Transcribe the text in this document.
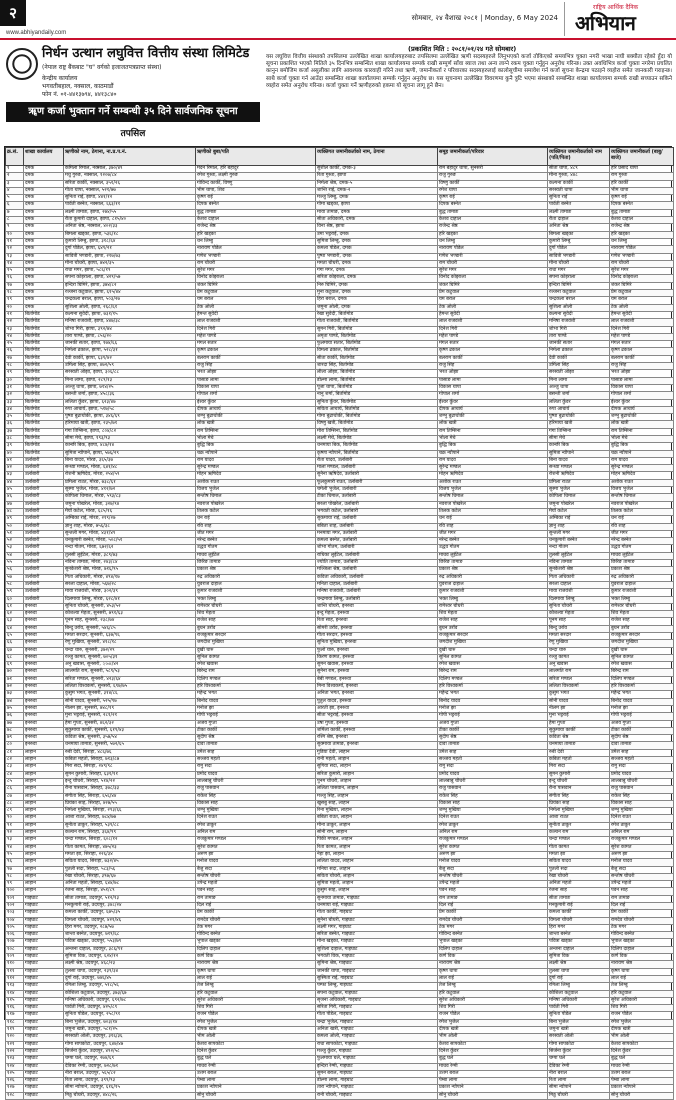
२
www.abhiyandaily.com
सोमबार, २४ वैशाख २०८१ | Monday, 6 May 2024
राष्ट्रिय आर्थिक दैनिक
अभियान
निर्धन उत्थान लघुवित्त वित्तीय संस्था लिमिटेड
(नेपाल राष्ट्र बैंकबाट "घ" वर्गको इजाजतपत्रप्राप्त संस्था)
केन्द्रीय कार्यालय
भगवतीबहाल, नक्साल, काठमाडौं
फोन नं. ०१-४४१३७९४, ४४१३८४०
ॠण कर्जा भुक्तान गर्ने सम्बन्धी ३५ दिने सार्वजनिक सूचना
तपसिल
(प्रकाशित मिति : २०८१/०१/२४ गते सोमबार)
यस लघुवित्त वित्तीय संस्थाको तपसिलमा उल्लेखित शाखा कार्यालयहरुबाट तपसिलमा उल्लेखित ऋणी सदस्यहरुले लिनुभएको कर्जा तोकिएको समयभित्र चुक्ता नगरी भाखा नाघी बक्यौता रहेको हुँदा यो सूचना प्रकाशित भएको मितिले ३५ दिनभित्र सम्बन्धित शाखा कार्यालयमा सम्पर्क राखी सम्पूर्ण साँवा ब्याज तथा अन्य लाग्ने रकम चुक्ता गर्नुहुन अनुरोध गरिन्छ। उक्त अवधिभित्र कर्जा चुक्ता नगरेमा प्रचलित कानुन बमोजिम कर्जा असुलीका लागि आवश्यक कारवाही गरिने तथा ऋणी, जमानीकर्ता र परिवारका सदस्यहरुलाई कालोसूचीमा समावेश गर्न कर्जा सूचना केन्द्रमा पठाइने व्यहोरा समेत जानकारी गराइन्छ। साथै कर्जा चुक्ता गर्न आउँदा सम्बन्धित शाखा कार्यालयमा सम्पर्क गर्नुहुन अनुरोध छ। यस सूचनामा उल्लेखित विवरणमा कुनै त्रुटि भएमा संस्थाको सम्बन्धित शाखा कार्यालयमा सम्पर्क राखी सच्याउन सकिने व्यहोरा समेत अनुरोध गरिन्छ। कर्जा चुक्ता गर्ने ऋणीहरुको हकमा यो सूचना लागू हुने छैन।
क्र.सं.	शाखा कार्यालय	ऋणीको नाम, ठेगाना, ना.प्र.प.नं.	ऋणीको बुबा/पति	व्यक्तिगत जमानीकर्ताको नाम, ठेगाना	समूह जमानीकर्ता/परिवार	व्यक्तिगत जमानीकर्ताको नाम (पति/पिता)	व्यक्तिगत जमानीकर्ता (बाबु/बाजे)
१	दमक	कमिला रिमाल, नक्साल, ३७०/४९	मदन रिमाल, हरि बहादुर	सुशील कार्की, दमक-३	राम बहादुर थापा, सुनसरी	सीता थापा, ४८९	हरि प्रसाद थापा
२	दमक	मधु गुरुङ, नक्साल, १२०७/८४	रमेश गुरुङ, लक्ष्मी गुरुङ	रिता गुरुङ, झापा	राजु गुरुङ	मीना गुरुङ, ४४८	राम गुरुङ
३	दमक	सरिता कार्की, नक्साल, ३५१/२६	गोविन्द कार्की, विष्णु	निर्मला श्रेष्ठ, दमक-५	विष्णु कार्की	कल्पना कार्की	हरि कार्की
४	दमक	गीता थापा, नक्साल, ५२१/७७	भीम थापा, शिव	शान्ति राई, दमक-२	रमेश थापा	सरस्वती थापा	भीम थापा
५	दमक	सुनिता राई, झापा, ४४१/१२	कृष्ण राई	मञ्जु लिम्बु, दमक	कृष्ण राई	सुनिता राई	कृष्ण राई
६	दमक	पार्वती बस्नेत, नक्साल, ६६३/११	दिपक बस्नेत	गोमा खड्का, झापा	दिपक बस्नेत	पार्वती बस्नेत	दिपक बस्नेत
७	दमक	लक्ष्मी तामाङ, झापा, २७४/५५	बुद्ध तामाङ	माया तामाङ, दमक	बुद्ध तामाङ	लक्ष्मी तामाङ	बुद्ध तामाङ
८	दमक	रीता कुमारी दाहाल, झापा, ८१५/४०	केशव दाहाल	सीता अधिकारी, दमक	केशव दाहाल	रीता दाहाल	केशव दाहाल
९	दमक	अनिता श्रेष्ठ, नक्साल, ४०२/३३	राजेन्द्र श्रेष्ठ	विना श्रेष्ठ, झापा	राजेन्द्र श्रेष्ठ	अनिता श्रेष्ठ	राजेन्द्र श्रेष्ठ
१०	दमक	बिमला खड्का, झापा, ५३६/१८	हरि खड्का	उमा भट्टराई, दमक	हरि खड्का	बिमला खड्का	हरि खड्का
११	दमक	कुमारी लिम्बु, झापा, ३१८/६४	धन लिम्बु	सुमित्रा लिम्बु, दमक	धन लिम्बु	कुमारी लिम्बु	धन लिम्बु
१२	दमक	दुर्गा पौडेल, झापा, ६४९/२१	नारायण पौडेल	कमला पौडेल, दमक	नारायण पौडेल	दुर्गा पौडेल	नारायण पौडेल
१३	दमक	सावित्री भण्डारी, झापा, २१७/७३	गणेश भण्डारी	पुष्पा भण्डारी, दमक	गणेश भण्डारी	सावित्री भण्डारी	गणेश भण्डारी
१४	दमक	मीना चौधरी, झापा, ७४२/३५	राम चौधरी	ममता चौधरी, दमक	राम चौधरी	मीना चौधरी	राम चौधरी
१५	दमक	राधा मगर, झापा, ५८६/१९	सुरेश मगर	गंगा मगर, दमक	सुरेश मगर	राधा मगर	सुरेश मगर
१६	दमक	सपना कोइराला, झापा, ४२९/५७	विनोद कोइराला	सरिता कोइराला, दमक	विनोद कोइराला	सपना कोइराला	विनोद कोइराला
१७	दमक	इन्दिरा घिमिरे, झापा, ३७४/८२	शंकर घिमिरे	निरु घिमिरे, दमक	शंकर घिमिरे	इन्दिरा घिमिरे	शंकर घिमिरे
१८	दमक	रञ्जना कटुवाल, झापा, ६१५/४४	प्रेम कटुवाल	मुना कटुवाल, दमक	प्रेम कटुवाल	रञ्जना कटुवाल	प्रेम कटुवाल
१९	दमक	चन्द्रकला बराल, झापा, ५०३/२७	यम बराल	हिरा बराल, दमक	यम बराल	चन्द्रकला बराल	यम बराल
२०	दमक	सुशिला ओली, झापा, २६८/६१	टेक ओली	जमुना ओली, दमक	टेक ओली	सुशिला ओली	टेक ओली
२१	बिर्तामोड	कल्पना सुवेदी, झापा, ७३१/१५	हेमन्त सुवेदी	रेखा सुवेदी, बिर्तामोड	हेमन्त सुवेदी	कल्पना सुवेदी	हेमन्त सुवेदी
२२	बिर्तामोड	मनिषा राजवंशी, झापा, ४४७/३८	लाल राजवंशी	गीता राजवंशी, बिर्तामोड	लाल राजवंशी	मनिषा राजवंशी	लाल राजवंशी
२३	बिर्तामोड	शोभा गिरी, झापा, ३९२/७४	दिनेश गिरी	सुमन गिरी, बिर्तामोड	दिनेश गिरी	शोभा गिरी	दिनेश गिरी
२४	बिर्तामोड	तारा पाण्डे, झापा, ८५६/२०	महेश पाण्डे	अमृता पाण्डे, बिर्तामोड	महेश पाण्डे	तारा पाण्डे	महेश पाण्डे
२५	बिर्तामोड	जानकी सतार, झापा, १७४/६६	मंगल सतार	फुलमाया सतार, बिर्तामोड	मंगल सतार	जानकी सतार	मंगल सतार
२६	बिर्तामोड	निर्मला ढकाल, झापा, ५२८/३१	कृष्ण ढकाल	विमला ढकाल, बिर्तामोड	कृष्ण ढकाल	निर्मला ढकाल	कृष्ण ढकाल
२७	बिर्तामोड	देवी कार्की, झापा, ६३९/४२	बलराम कार्की	सीता कार्की, बिर्तामोड	बलराम कार्की	देवी कार्की	बलराम कार्की
२८	बिर्तामोड	उर्मिला सिंह, झापा, ४७२/५९	राजु सिंह	शारदा सिंह, बिर्तामोड	राजु सिंह	उर्मिला सिंह	राजु सिंह
२९	बिर्तामोड	सरस्वती ओझा, झापा, ३०६/८८	भरत ओझा	लीला ओझा, बिर्तामोड	भरत ओझा	सरस्वती ओझा	भरत ओझा
३०	बिर्तामोड	मिना लामा, झापा, २८९/१३	पासाङ लामा	डोल्मा लामा, बिर्तामोड	पासाङ लामा	मिना लामा	पासाङ लामा
३१	बिर्तामोड	अञ्जु थापा, झापा, ७१४/२५	विकास थापा	पूजा थापा, बिर्तामोड	विकास थापा	अञ्जु थापा	विकास थापा
३२	बिर्तामोड	बसन्ती शर्मा, झापा, ४५८/३६	गोपाल शर्मा	नानु शर्मा, बिर्तामोड	गोपाल शर्मा	बसन्ती शर्मा	गोपाल शर्मा
३३	बिर्तामोड	ललिता कुँवर, झापा, ६२३/४७	ईश्वर कुँवर	सुनिता कुँवर, बिर्तामोड	ईश्वर कुँवर	ललिता कुँवर	ईश्वर कुँवर
३४	बिर्तामोड	रुपा आचार्य, झापा, ५१७/५८	दीपक आचार्य	सविता आचार्य, बिर्तामोड	दीपक आचार्य	रुपा आचार्य	दीपक आचार्य
३५	बिर्तामोड	पुष्पा बुढाथोकी, झापा, ३४६/६९	शम्भु बुढाथोकी	गोमा बुढाथोकी, बिर्तामोड	शम्भु बुढाथोकी	पुष्पा बुढाथोकी	शम्भु बुढाथोकी
३६	बिर्तामोड	हरिमाया खत्री, झापा, २३५/७१	लोक खत्री	विष्णु खत्री, बिर्तामोड	लोक खत्री	हरिमाया खत्री	लोक खत्री
३७	बिर्तामोड	गंगा तिम्सिना, झापा, ८०४/८२	राम तिम्सिना	मीरा तिम्सिना, बिर्तामोड	राम तिम्सिना	गंगा तिम्सिना	राम तिम्सिना
३८	बिर्तामोड	सीमा मेचे, झापा, १९३/९३	भोला मेचे	लक्ष्मी मेचे, बिर्तामोड	भोला मेचे	सीमा मेचे	भोला मेचे
३९	बिर्तामोड	कान्छी बिक, झापा, ४८७/१४	बुद्धि बिक	धनमाया बिक, बिर्तामोड	बुद्धि बिक	कान्छी बिक	बुद्धि बिक
४०	बिर्तामोड	सुमित्रा न्यौपाने, झापा, ५७६/२९	चक्र न्यौपाने	कृष्णा न्यौपाने, बिर्तामोड	चक्र न्यौपाने	सुमित्रा न्यौपाने	चक्र न्यौपाने
४१	उर्लाबारी	बिना यादव, मोरङ, ३६५/३७	राम यादव	रीता यादव, उर्लाबारी	राम यादव	बिना यादव	राम यादव
४२	उर्लाबारी	सन्ध्या मण्डल, मोरङ, ६४१/४८	सुरेन्द्र मण्डल	माला मण्डल, उर्लाबारी	सुरेन्द्र मण्डल	सन्ध्या मण्डल	सुरेन्द्र मण्डल
४३	उर्लाबारी	रोशनी ऋषिदेव, मोरङ, २५४/५९	मोहन ऋषिदेव	सुनैना ऋषिदेव, उर्लाबारी	मोहन ऋषिदेव	रोशनी ऋषिदेव	मोहन ऋषिदेव
४४	उर्लाबारी	प्रमिला राउत, मोरङ, ७३८/६१	अशोक राउत	फूलकुमारी राउत, उर्लाबारी	अशोक राउत	प्रमिला राउत	अशोक राउत
४५	उर्लाबारी	सुस्मा भुजेल, मोरङ, ४१२/७२	विजय भुजेल	चमेली भुजेल, उर्लाबारी	विजय भुजेल	सुस्मा भुजेल	विजय भुजेल
४६	उर्लाबारी	कोपिला धिमाल, मोरङ, ५९३/८३	सन्तोष धिमाल	टीका धिमाल, उर्लाबारी	सन्तोष धिमाल	कोपिला धिमाल	सन्तोष धिमाल
४७	उर्लाबारी	जमुना पोखरेल, मोरङ, ३२७/९४	नवराज पोखरेल	सरला पोखरेल, उर्लाबारी	नवराज पोखरेल	जमुना पोखरेल	नवराज पोखरेल
४८	उर्लाबारी	मैयाँ कटेल, मोरङ, ६८५/१६	तिलक कटेल	भगवती कटेल, उर्लाबारी	तिलक कटेल	मैयाँ कटेल	तिलक कटेल
४९	उर्लाबारी	अम्बिका राई, मोरङ, २१९/२७	धन राई	सुकमाया राई, उर्लाबारी	धन राई	अम्बिका राई	धन राई
५०	उर्लाबारी	ज्ञानु शाह, मोरङ, ७५६/३८	रवि शाह	बबिता शाह, उर्लाबारी	रवि शाह	ज्ञानु शाह	रवि शाह
५१	उर्लाबारी	सुन्तली मगर, मोरङ, ४३१/४९	जीत मगर	मनमाया मगर, उर्लाबारी	जीत मगर	सुन्तली मगर	जीत मगर
५२	उर्लाबारी	धनकुमारी बस्नेत, मोरङ, ५०८/५१	नरेन्द्र बस्नेत	कमला बस्नेत, उर्लाबारी	नरेन्द्र बस्नेत	धनकुमारी बस्नेत	नरेन्द्र बस्नेत
५३	उर्लाबारी	नन्दा गौतम, मोरङ, ६७२/६२	उद्धव गौतम	शोभा गौतम, उर्लाबारी	उद्धव गौतम	नन्दा गौतम	उद्धव गौतम
५४	उर्लाबारी	तुलसी लुइँटेल, मोरङ, ३८९/७३	माधव लुइँटेल	राधिका लुइँटेल, उर्लाबारी	माधव लुइँटेल	तुलसी लुइँटेल	माधव लुइँटेल
५५	उर्लाबारी	नविना तामाङ, मोरङ, २४३/८४	छिरिङ तामाङ	ज्योति तामाङ, उर्लाबारी	छिरिङ तामाङ	नविना तामाङ	छिरिङ तामाङ
५६	उर्लाबारी	सुनकेशरी श्रेष्ठ, मोरङ, ७१६/९५	प्रकाश श्रेष्ठ	मञ्जिला श्रेष्ठ, उर्लाबारी	प्रकाश श्रेष्ठ	सुनकेशरी श्रेष्ठ	प्रकाश श्रेष्ठ
५७	उर्लाबारी	गिता अधिकारी, मोरङ, ४९४/१७	रुद्र अधिकारी	कविता अधिकारी, उर्लाबारी	रुद्र अधिकारी	गिता अधिकारी	रुद्र अधिकारी
५८	उर्लाबारी	सरला दाहाल, मोरङ, ५६७/२८	युवराज दाहाल	मनिता दाहाल, उर्लाबारी	युवराज दाहाल	सरला दाहाल	युवराज दाहाल
५९	उर्लाबारी	माया राजवंशी, मोरङ, ३०२/३९	कुमार राजवंशी	मनिषा राजवंशी, उर्लाबारी	कुमार राजवंशी	माया राजवंशी	कुमार राजवंशी
६०	उर्लाबारी	दिलमाया लिम्बु, मोरङ, ६२८/४१	भक्त लिम्बु	चन्द्रमाया लिम्बु, उर्लाबारी	भक्त लिम्बु	दिलमाया लिम्बु	भक्त लिम्बु
६१	इनरुवा	सुनिता चौधरी, सुनसरी, ४५३/५२	रामेश्वर चौधरी	शान्ति चौधरी, इनरुवा	रामेश्वर चौधरी	सुनिता चौधरी	रामेश्वर चौधरी
६२	इनरुवा	कौशल्या मेहता, सुनसरी, ७९१/६३	शिव मेहता	इन्दु मेहता, इनरुवा	शिव मेहता	कौशल्या मेहता	शिव मेहता
६३	इनरुवा	पूनम साह, सुनसरी, २३८/७४	राजेश साह	रिता साह, इनरुवा	राजेश साह	पूनम साह	राजेश साह
६४	इनरुवा	बिन्दु उराँव, सुनसरी, ५४६/८५	बुधन उराँव	सोमरी उराँव, इनरुवा	बुधन उराँव	बिन्दु उराँव	बुधन उराँव
६५	इनरुवा	ममता सरदार, सुनसरी, ६३७/९६	राजकुमार सरदार	गीता सरदार, इनरुवा	राजकुमार सरदार	ममता सरदार	राजकुमार सरदार
६६	इनरुवा	रेणु मुखिया, सुनसरी, ४१८/१८	जगदीश मुखिया	सुनिता मुखिया, इनरुवा	जगदीश मुखिया	रेणु मुखिया	जगदीश मुखिया
६७	इनरुवा	चन्दा थारु, सुनसरी, ३७२/२९	दुखी थारु	फुलो थारु, इनरुवा	दुखी थारु	चन्दा थारु	दुखी थारु
६८	इनरुवा	रञ्जु कामत, सुनसरी, ७०५/३१	सुनिल कामत	किरण कामत, इनरुवा	सुनिल कामत	रञ्जु कामत	सुनिल कामत
६९	इनरुवा	अनु खवास, सुनसरी, ২৬৪/४२	रमेश खवास	सुमन खवास, इनरुवा	रमेश खवास	अनु खवास	रमेश खवास
७०	इनरुवा	लालमति राम, सुनसरी, ५८९/५३	बिरेन्द्र राम	सुनैना राम, इनरुवा	बिरेन्द्र राम	लालमति राम	बिरेन्द्र राम
७१	इनरुवा	सरिता मण्डल, सुनसरी, ४२३/६४	दिलिप मण्डल	बेबी मण्डल, इनरुवा	दिलिप मण्डल	सरिता मण्डल	दिलिप मण्डल
७२	इनरुवा	ललिता विश्वकर्मा, सुनसरी, ६९७/७५	हरि विश्वकर्मा	मिना विश्वकर्मा, इनरुवा	हरि विश्वकर्मा	ललिता विश्वकर्मा	हरि विश्वकर्मा
७३	इनरुवा	कुसुम भगत, सुनसरी, ३१४/८६	महेन्द्र भगत	अनिता भगत, इनरुवा	महेन्द्र भगत	कुसुम भगत	महेन्द्र भगत
७४	इनरुवा	सोनी यादव, सुनसरी, ५२५/९७	बिनोद यादव	पुतुल यादव, इनरुवा	बिनोद यादव	सोनी यादव	बिनोद यादव
७५	इनरुवा	नीलम झा, सुनसरी, ७४८/१९	मनोज झा	आरती झा, इनरुवा	मनोज झा	नीलम झा	मनोज झा
७६	इनरुवा	मुना भट्टराई, सुनसरी, २८१/२१	गोपी भट्टराई	सीता भट्टराई, इनरुवा	गोपी भट्टराई	मुना भट्टराई	गोपी भट्टराई
७७	इनरुवा	हेमा गुप्ता, सुनसरी, ४६२/३२	अजय गुप्ता	उषा गुप्ता, इनरुवा	अजय गुप्ता	हेमा गुप्ता	अजय गुप्ता
७८	इनरुवा	सुकुमाया कार्की, सुनसरी, ६१९/४३	टीका कार्की	शर्मिला कार्की, इनरुवा	टीका कार्की	सुकुमाया कार्की	टीका कार्की
७९	इनरुवा	कविता श्रेष्ठ, सुनसरी, ३५७/५४	सुदीप श्रेष्ठ	रश्मि श्रेष्ठ, इनरुवा	सुदीप श्रेष्ठ	कविता श्रेष्ठ	सुदीप श्रेष्ठ
८०	इनरुवा	धनमाया तामाङ, सुनसरी, ५७२/६५	दावा तामाङ	सुक्माया तामाङ, इनरुवा	दावा तामाङ	धनमाया तामाङ	दावा तामाङ
८१	लाहान	रुबी देवी, सिराहा, ४८६/७६	उमेश साह	गुडिया देवी, लाहान	उमेश साह	रुबी देवी	उमेश साह
८२	लाहान	कबिता महतो, सिराहा, ७१३/८७	सञ्जय महतो	रानी महतो, लाहान	सञ्जय महतो	कबिता महतो	सञ्जय महतो
८३	लाहान	मिरा सदा, सिराहा, २४९/९८	रामु सदा	सुगिया सदा, लाहान	रामु सदा	मिरा सदा	रामु सदा
८४	लाहान	सुमन कुमारी, सिराहा, ६३१/११	प्रमोद यादव	सरिता कुमारी, लाहान	प्रमोद यादव	सुमन कुमारी	प्रमोद यादव
८५	लाहान	इन्दु चौधरी, सिराहा, ५१४/२२	लालबाबु चौधरी	पुनम चौधरी, लाहान	लालबाबु चौधरी	इन्दु चौधरी	लालबाबु चौधरी
८६	लाहान	रीना पासवान, सिराहा, ३७८/३३	राजु पासवान	ललिता पासवान, लाहान	राजु पासवान	रीना पासवान	राजु पासवान
८७	लाहान	संगीता सिंह, सिराहा, ६५६/४४	राकेश सिंह	मञ्जु सिंह, लाहान	राकेश सिंह	संगीता सिंह	राकेश सिंह
८८	लाहान	प्रियंका साह, सिराहा, ४२७/५५	विकास साह	खुसबु साह, लाहान	विकास साह	प्रियंका साह	विकास साह
८९	लाहान	निर्मला मुखिया, सिराहा, २९३/६६	शम्भु मुखिया	रिना मुखिया, लाहान	शम्भु मुखिया	निर्मला मुखिया	शम्भु मुखिया
९०	लाहान	आशा राउत, सिराहा, ७८४/७७	दिनेश राउत	बबिता राउत, लाहान	दिनेश राउत	आशा राउत	दिनेश राउत
९१	लाहान	सुनीता ठाकुर, सिराहा, ५३९/८८	रमेश ठाकुर	मीना ठाकुर, लाहान	रमेश ठाकुर	सुनीता ठाकुर	रमेश ठाकुर
९२	लाहान	कञ्चन राम, सिराहा, ३६४/९९	अनिल राम	सोनी राम, लाहान	अनिल राम	कञ्चन राम	अनिल राम
९३	लाहान	चन्दा मण्डल, सिराहा, ६०८/१२	राजकुमार मण्डल	पिंकी मण्डल, लाहान	राजकुमार मण्डल	चन्दा मण्डल	राजकुमार मण्डल
९४	लाहान	गीता कामत, सिराहा, ४७५/२३	सुरेश कामत	रिता कामत, लाहान	सुरेश कामत	गीता कामत	सुरेश कामत
९५	लाहान	ममता झा, सिराहा, २२६/३४	अरुण झा	नेहा झा, लाहान	अरुण झा	ममता झा	अरुण झा
९६	लाहान	सविता यादव, सिराहा, ७३२/४५	मनोज यादव	ललिता यादव, लाहान	मनोज यादव	सविता यादव	मनोज यादव
९७	लाहान	पुतली सदा, सिराहा, ५८३/५६	बैजु सदा	मनिया सदा, लाहान	बैजु सदा	पुतली सदा	बैजु सदा
९८	लाहान	रेखा चौधरी, सिराहा, ३९७/६७	सन्तोष चौधरी	सविता चौधरी, लाहान	सन्तोष चौधरी	रेखा चौधरी	सन्तोष चौधरी
९९	लाहान	अनिता महतो, सिराहा, ६४४/७८	उपेन्द्र महतो	सुमित्रा महतो, लाहान	उपेन्द्र महतो	अनिता महतो	उपेन्द्र महतो
१००	लाहान	रंजना साह, सिराहा, ४५१/८९	पवन साह	कुसुम साह, लाहान	पवन साह	रंजना साह	पवन साह
१०१	गाइघाट	सीता तामाङ, उदयपुर, ५१२/१३	राम तामाङ	सुनमाया तामाङ, गाइघाट	राम तामाङ	सीता तामाङ	राम तामाङ
१०२	गाइघाट	मनकुमारी राई, उदयपुर, ३४८/२४	दिल राई	धनमाया राई, गाइघाट	दिल राई	मनकुमारी राई	दिल राई
१०३	गाइघाट	कमला कार्की, उदयपुर, ६७५/३५	प्रेम कार्की	गीता कार्की, गाइघाट	प्रेम कार्की	कमला कार्की	प्रेम कार्की
१०४	गाइघाट	विमला चौधरी, उदयपुर, ४२१/४६	रामदेव चौधरी	सुनैना चौधरी, गाइघाट	रामदेव चौधरी	विमला चौधरी	रामदेव चौधरी
१०५	गाइघाट	हिरा मगर, उदयपुर, २८७/५७	टेक मगर	लक्ष्मी मगर, गाइघाट	टेक मगर	हिरा मगर	टेक मगर
१०६	गाइघाट	शान्ता बस्नेत, उदयपुर, ७१९/६८	गोविन्द बस्नेत	सरिता बस्नेत, गाइघाट	गोविन्द बस्नेत	शान्ता बस्नेत	गोविन्द बस्नेत
१०७	गाइघाट	पवित्रा खड्का, उदयपुर, ५५३/७९	भुपाल खड्का	मीना खड्का, गाइघाट	भुपाल खड्का	पवित्रा खड्का	भुपाल खड्का
१०८	गाइघाट	अन्जना दाहाल, उदयपुर, ३८६/९१	दिलिप दाहाल	सुशिला दाहाल, गाइघाट	दिलिप दाहाल	अन्जना दाहाल	दिलिप दाहाल
१०९	गाइघाट	सुमित्रा विक, उदयपुर, ६२४/१२	कर्ण विक	भगवती विक, गाइघाट	कर्ण विक	सुमित्रा विक	कर्ण विक
११०	गाइघाट	लक्ष्मी श्रेष्ठ, उदयपुर, ४६८/२३	नारायण श्रेष्ठ	सुमिना श्रेष्ठ, गाइघाट	नारायण श्रेष्ठ	लक्ष्मी श्रेष्ठ	नारायण श्रेष्ठ
१११	गाइघाट	तुलसा थापा, उदयपुर, २३९/३४	कृष्ण थापा	जानकी थापा, गाइघाट	कृष्ण थापा	तुलसा थापा	कृष्ण थापा
११२	गाइघाट	दुर्गा राई, उदयपुर, ७४६/४५	लाल राई	सुस्मिता राई, गाइघाट	लाल राई	दुर्गा राई	लाल राई
११३	गाइघाट	रमिला लिम्बु, उदयपुर, ५१८/५६	तेज लिम्बु	पम्फा लिम्बु, गाइघाट	तेज लिम्बु	रमिला लिम्बु	तेज लिम्बु
११४	गाइघाट	कौशिला कटुवाल, उदयपुर, ३७३/६७	हरि कटुवाल	सपना कटुवाल, गाइघाट	हरि कटुवाल	कौशिला कटुवाल	हरि कटुवाल
११५	गाइघाट	मनिषा अधिकारी, उदयपुर, ६९२/७८	सुरेश अधिकारी	सृजना अधिकारी, गाइघाट	सुरेश अधिकारी	मनिषा अधिकारी	सुरेश अधिकारी
११६	गाइघाट	पार्वती गिरी, उदयपुर, ४२५/८९	शिव गिरी	सरिता गिरी, गाइघाट	शिव गिरी	पार्वती गिरी	शिव गिरी
११७	गाइघाट	सुनिता पौडेल, उदयपुर, २५८/९१	राजन पौडेल	गीता पौडेल, गाइघाट	राजन पौडेल	सुनिता पौडेल	राजन पौडेल
११८	गाइघाट	बिना भुजेल, उदयपुर, ७०३/१४	रमेश भुजेल	चन्द्रा भुजेल, गाइघाट	रमेश भुजेल	बिना भुजेल	रमेश भुजेल
११९	गाइघाट	जमुना खत्री, उदयपुर, ५८१/२५	दीपक खत्री	अनिता खत्री, गाइघाट	दीपक खत्री	जमुना खत्री	दीपक खत्री
१२०	गाइघाट	सरस्वती ओली, उदयपुर, ३१६/३६	भीम ओली	कमला ओली, गाइघाट	भीम ओली	सरस्वती ओली	भीम ओली
१२१	गाइघाट	गोमा सापकोटा, उदयपुर, ६४७/४७	केशव सापकोटा	राधा सापकोटा, गाइघाट	केशव सापकोटा	गोमा सापकोटा	केशव सापकोटा
१२२	गाइघाट	सिर्जना कुँवर, उदयपुर, ४९२/५८	दिनेश कुँवर	मञ्जु कुँवर, गाइघाट	दिनेश कुँवर	सिर्जना कुँवर	दिनेश कुँवर
१२३	गाइघाट	चम्पा घले, उदयपुर, २७४/६९	बुद्ध घले	फुलमाया घले, गाइघाट	बुद्ध घले	चम्पा घले	बुद्ध घले
१२४	गाइघाट	देविका रेग्मी, उदयपुर, ७२८/७१	माधव रेग्मी	इन्दिरा रेग्मी, गाइघाट	माधव रेग्मी	देविका रेग्मी	माधव रेग्मी
१२५	गाइघाट	नीरा बराल, उदयपुर, ५६५/८२	उत्तम बराल	सुमन बराल, गाइघाट	उत्तम बराल	नीरा बराल	उत्तम बराल
१२६	गाइघाट	रिता लामा, उदयपुर, ३९९/९३	पेम्बा लामा	डोल्मा लामा, गाइघाट	पेम्बा लामा	रिता लामा	पेम्बा लामा
१२७	गाइघाट	सीमा न्यौपाने, उदयपुर, ६१६/१५	प्रकाश न्यौपाने	तारा न्यौपाने, गाइघाट	प्रकाश न्यौपाने	सीमा न्यौपाने	प्रकाश न्यौपाने
१२८	गाइघाट	मिठु चौधरी, उदयपुर, ४४८/२६	सोनु चौधरी	रानी चौधरी, गाइघाट	सोनु चौधरी	मिठु चौधरी	सोनु चौधरी
